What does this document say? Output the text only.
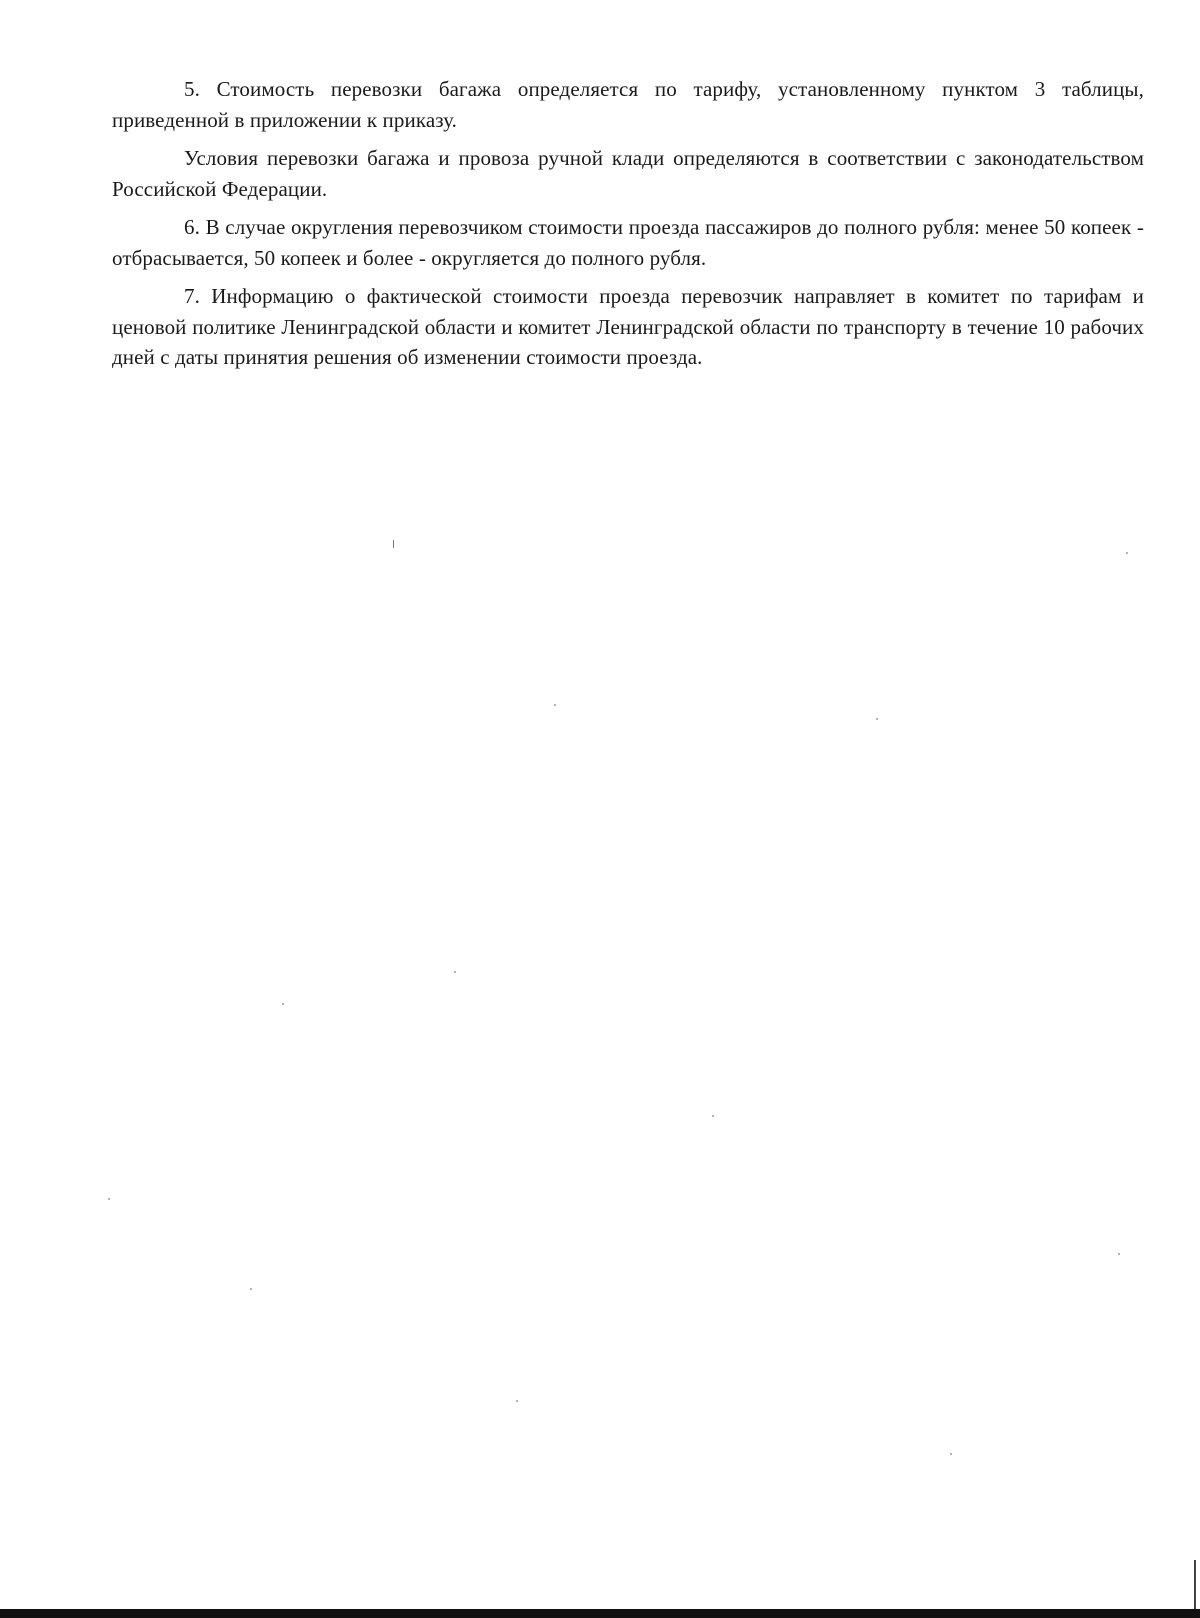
5. Стоимость перевозки багажа определяется по тарифу, установленному пунктом 3 таблицы, приведенной в приложении к приказу.

Условия перевозки багажа и провоза ручной клади определяются в соответствии с законодательством Российской Федерации.

6. В случае округления перевозчиком стоимости проезда пассажиров до полного рубля: менее 50 копеек - отбрасывается, 50 копеек и более - округляется до полного рубля.

7. Информацию о фактической стоимости проезда перевозчик направляет в комитет по тарифам и ценовой политике Ленинградской области и комитет Ленинградской области по транспорту в течение 10 рабочих дней с даты принятия решения об изменении стоимости проезда.
